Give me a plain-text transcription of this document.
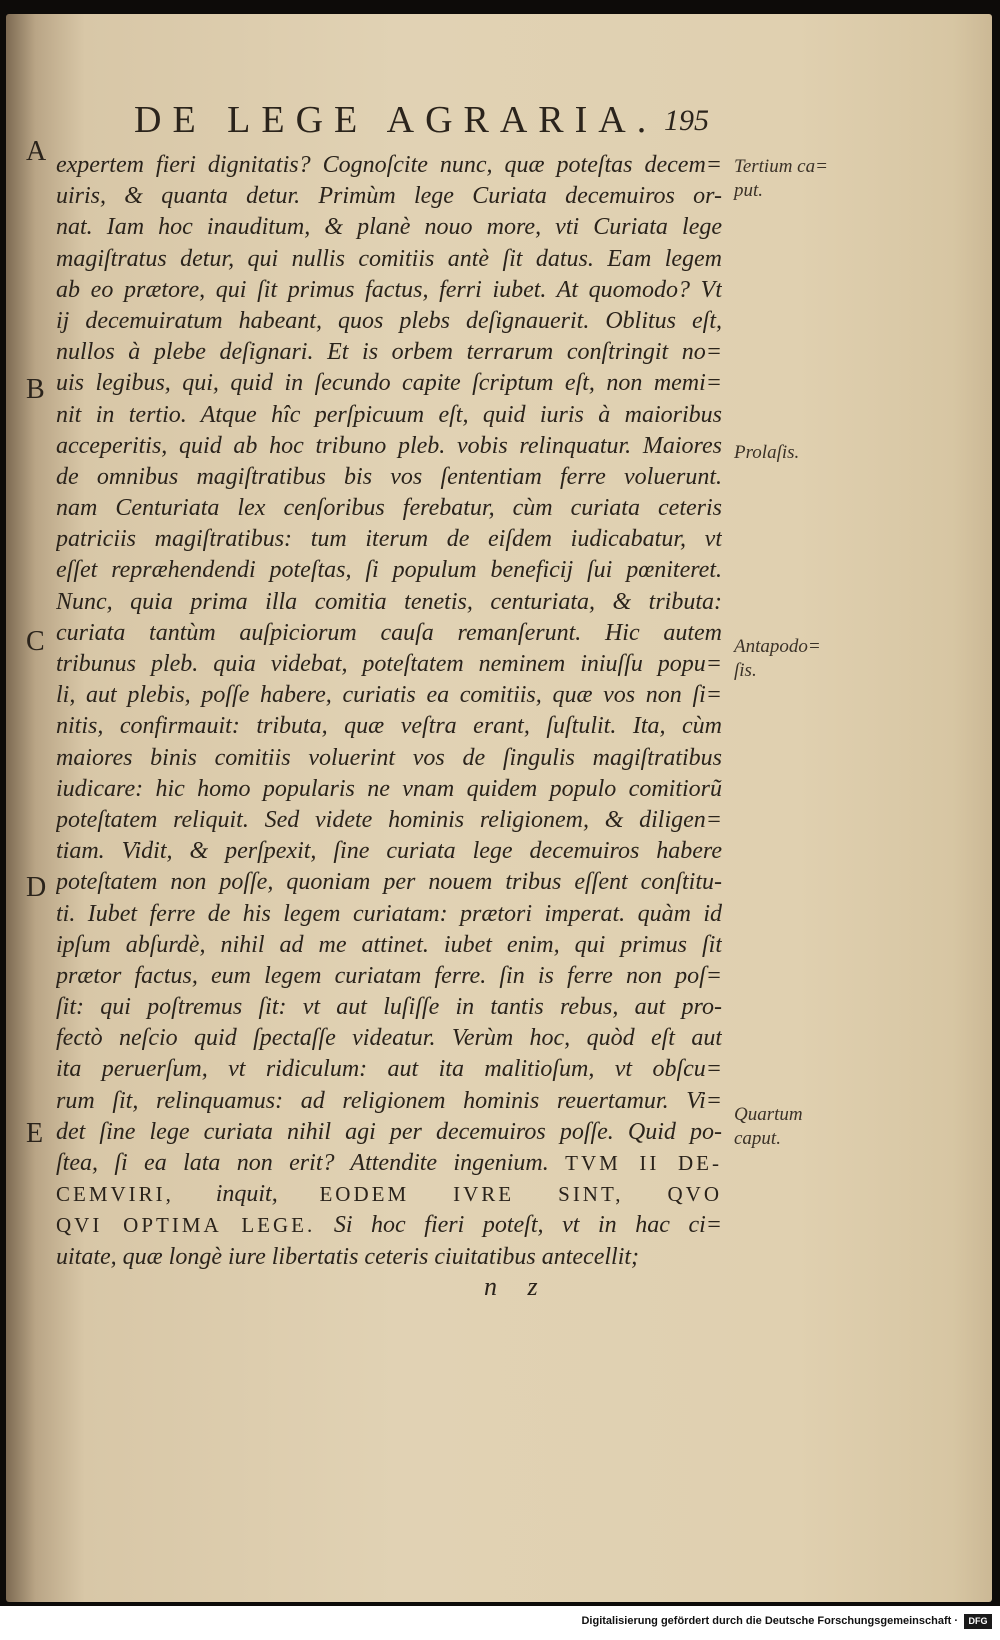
DE LEGE AGRARIA. 195
A
B
C
D
E
expertem fieri dignitatis? Cognoſcite nunc, quæ poteſtas decem=
uiris, & quanta detur. Primùm lege Curiata decemuiros or-
nat. Iam hoc inauditum, & planè nouo more, vti Curiata lege
magiſtratus detur, qui nullis comitiis antè ſit datus. Eam legem
ab eo prætore, qui ſit primus factus, ferri iubet. At quomodo? Vt
ij decemuiratum habeant, quos plebs deſignauerit. Oblitus eſt,
nullos à plebe deſignari. Et is orbem terrarum conſtringit no=
uis legibus, qui, quid in ſecundo capite ſcriptum eſt, non memi=
nit in tertio. Atque hîc perſpicuum eſt, quid iuris à maioribus
acceperitis, quid ab hoc tribuno pleb. vobis relinquatur. Maiores
de omnibus magiſtratibus bis vos ſententiam ferre voluerunt.
nam Centuriata lex cenſoribus ferebatur, cùm curiata ceteris
patriciis magiſtratibus: tum iterum de eiſdem iudicabatur, vt
eſſet repræhendendi poteſtas, ſi populum beneficij ſui pœniteret.
Nunc, quia prima illa comitia tenetis, centuriata, & tributa:
curiata tantùm auſpiciorum cauſa remanſerunt. Hic autem
tribunus pleb. quia videbat, poteſtatem neminem iniuſſu popu=
li, aut plebis, poſſe habere, curiatis ea comitiis, quæ vos non ſi=
nitis, confirmauit: tributa, quæ veſtra erant, ſuſtulit. Ita, cùm
maiores binis comitiis voluerint vos de ſingulis magiſtratibus
iudicare: hic homo popularis ne vnam quidem populo comitiorũ
poteſtatem reliquit. Sed videte hominis religionem, & diligen=
tiam. Vidit, & perſpexit, ſine curiata lege decemuiros habere
poteſtatem non poſſe, quoniam per nouem tribus eſſent conſtitu-
ti. Iubet ferre de his legem curiatam: prætori imperat. quàm id
ipſum abſurdè, nihil ad me attinet. iubet enim, qui primus ſit
prætor factus, eum legem curiatam ferre. ſin is ferre non poſ=
ſit: qui poſtremus ſit: vt aut luſiſſe in tantis rebus, aut pro-
fectò neſcio quid ſpectaſſe videatur. Verùm hoc, quòd eſt aut
ita peruerſum, vt ridiculum: aut ita malitioſum, vt obſcu=
rum ſit, relinquamus: ad religionem hominis reuertamur. Vi=
det ſine lege curiata nihil agi per decemuiros poſſe. Quid po-
ſtea, ſi ea lata non erit? Attendite ingenium. TVM II DE-
CEMVIRI, inquit, EODEM IVRE SINT, QVO
QVI OPTIMA LEGE. Si hoc fieri poteſt, vt in hac ci=
uitate, quæ longè iure libertatis ceteris ciuitatibus antecellit;
n z
Tertium ca=
put.
Prolaſis.
Antapodo=
ſis.
Quartum
caput.
Digitalisierung gefördert durch die Deutsche Forschungsgemeinschaft ·	DFG
